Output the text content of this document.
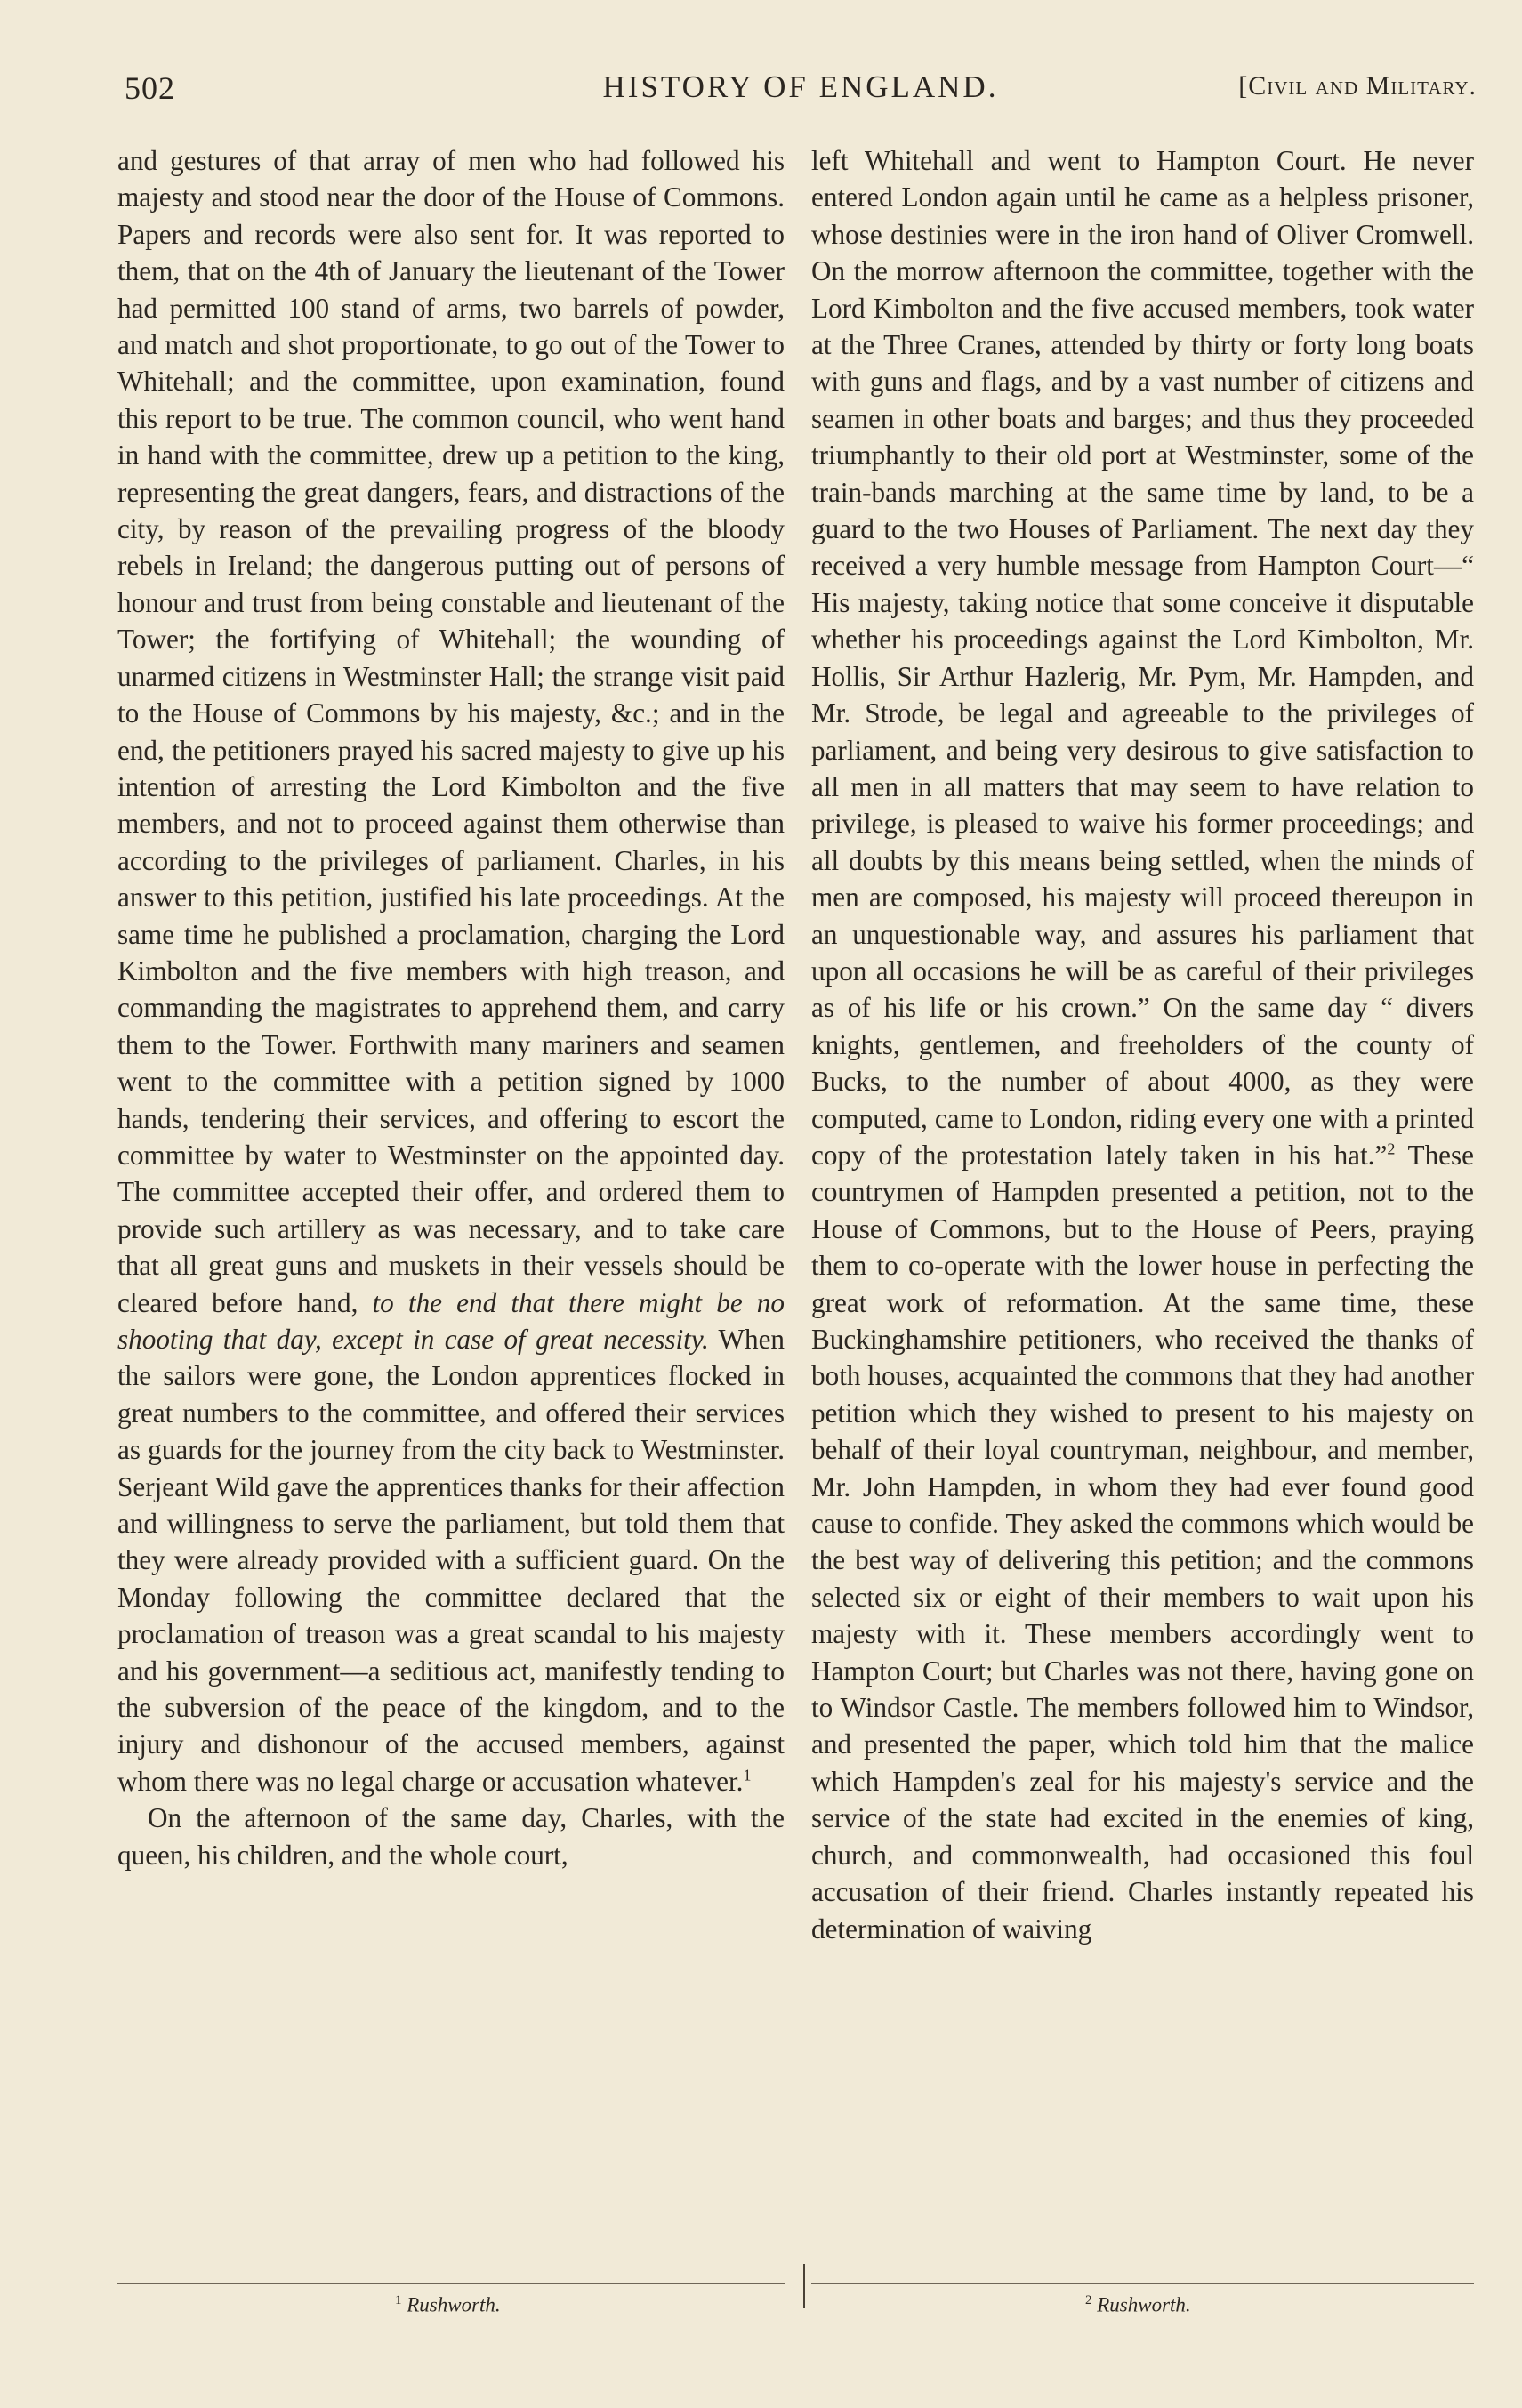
502	HISTORY OF ENGLAND.	[Civil and Military.

and gestures of that array of men who had followed his majesty and stood near the door of the House of Commons. Papers and records were also sent for. It was reported to them, that on the 4th of January the lieutenant of the Tower had permitted 100 stand of arms, two barrels of powder, and match and shot proportionate, to go out of the Tower to Whitehall; and the committee, upon examination, found this report to be true. The common council, who went hand in hand with the committee, drew up a petition to the king, representing the great dangers, fears, and distractions of the city, by reason of the prevailing progress of the bloody rebels in Ireland; the dangerous putting out of persons of honour and trust from being constable and lieutenant of the Tower; the fortifying of Whitehall; the wounding of unarmed citizens in Westminster Hall; the strange visit paid to the House of Commons by his majesty, &c.; and in the end, the petitioners prayed his sacred majesty to give up his intention of arresting the Lord Kimbolton and the five members, and not to proceed against them otherwise than according to the privileges of parliament. Charles, in his answer to this petition, justified his late proceedings. At the same time he published a proclamation, charging the Lord Kimbolton and the five members with high treason, and commanding the magistrates to apprehend them, and carry them to the Tower. Forthwith many mariners and seamen went to the committee with a petition signed by 1000 hands, tendering their services, and offering to escort the committee by water to Westminster on the appointed day. The committee accepted their offer, and ordered them to provide such artillery as was necessary, and to take care that all great guns and muskets in their vessels should be cleared before hand, to the end that there might be no shooting that day, except in case of great necessity. When the sailors were gone, the London apprentices flocked in great numbers to the committee, and offered their services as guards for the journey from the city back to Westminster. Serjeant Wild gave the apprentices thanks for their affection and willingness to serve the parliament, but told them that they were already provided with a sufficient guard. On the Monday following the committee declared that the proclamation of treason was a great scandal to his majesty and his government—a seditious act, manifestly tending to the subversion of the peace of the kingdom, and to the injury and dishonour of the accused members, against whom there was no legal charge or accusation whatever.$^1$

On the afternoon of the same day, Charles, with the queen, his children, and the whole court,

left Whitehall and went to Hampton Court. He never entered London again until he came as a helpless prisoner, whose destinies were in the iron hand of Oliver Cromwell. On the morrow afternoon the committee, together with the Lord Kimbolton and the five accused members, took water at the Three Cranes, attended by thirty or forty long boats with guns and flags, and by a vast number of citizens and seamen in other boats and barges; and thus they proceeded triumphantly to their old port at Westminster, some of the train-bands marching at the same time by land, to be a guard to the two Houses of Parliament. The next day they received a very humble message from Hampton Court—“ His majesty, taking notice that some conceive it disputable whether his proceedings against the Lord Kimbolton, Mr. Hollis, Sir Arthur Hazlerig, Mr. Pym, Mr. Hampden, and Mr. Strode, be legal and agreeable to the privileges of parliament, and being very desirous to give satisfaction to all men in all matters that may seem to have relation to privilege, is pleased to waive his former proceedings; and all doubts by this means being settled, when the minds of men are composed, his majesty will proceed thereupon in an unquestionable way, and assures his parliament that upon all occasions he will be as careful of their privileges as of his life or his crown.” On the same day “ divers knights, gentlemen, and freeholders of the county of Bucks, to the number of about 4000, as they were computed, came to London, riding every one with a printed copy of the protestation lately taken in his hat.”$^2$ These countrymen of Hampden presented a petition, not to the House of Commons, but to the House of Peers, praying them to co-operate with the lower house in perfecting the great work of reformation. At the same time, these Buckinghamshire petitioners, who received the thanks of both houses, acquainted the commons that they had another petition which they wished to present to his majesty on behalf of their loyal countryman, neighbour, and member, Mr. John Hampden, in whom they had ever found good cause to confide. They asked the commons which would be the best way of delivering this petition; and the commons selected six or eight of their members to wait upon his majesty with it. These members accordingly went to Hampton Court; but Charles was not there, having gone on to Windsor Castle. The members followed him to Windsor, and presented the paper, which told him that the malice which Hampden's zeal for his majesty's service and the service of the state had excited in the enemies of king, church, and commonwealth, had occasioned this foul accusation of their friend. Charles instantly repeated his determination of waiving

$^1$ Rushworth.	$^2$ Rushworth.
